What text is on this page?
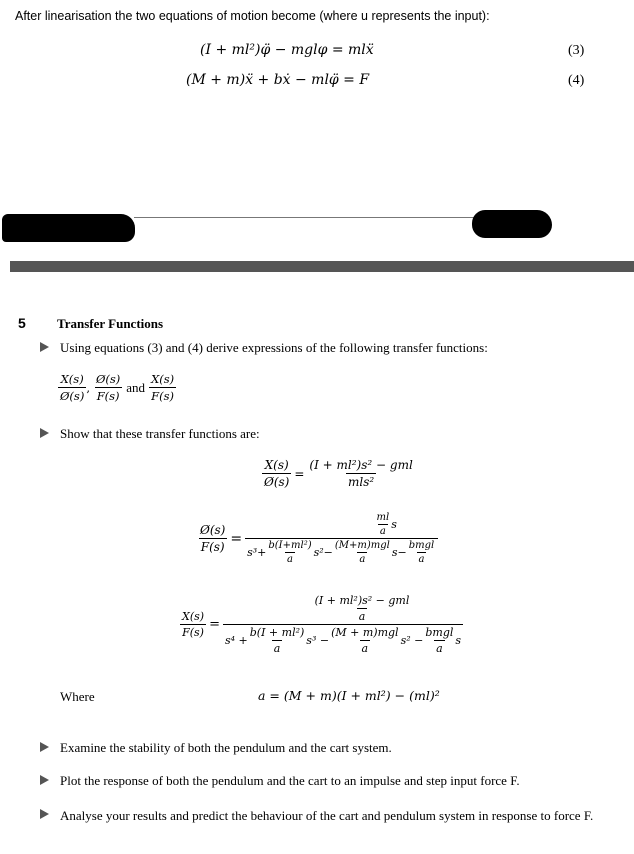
After linearisation the two equations of motion become (where u represents the input):
(I + ml²)φ̈ − mglφ = mlẍ	(3)
(M + m)ẍ + bẋ − mlφ̈ = F	(4)
5 Transfer Functions
Using equations (3) and (4) derive expressions of the following transfer functions:
$\frac{X(s)}{Ø(s)}$ , $\frac{Ø(s)}{F(s)}$ and $\frac{X(s)}{F(s)}$
Show that these transfer functions are:
$\frac{X(s)}{Ø(s)} = \frac{\text{(I + ml²)s² − gml}}{\text{mls²}}$
$\frac{Ø(s)}{F(s)}$ =
$\frac{ml}{a}$ s
$s^3+ \frac{\text{b(I+ml²)}}{a} s^2- \frac{\text{(M+m)mgl}}{a} s- \frac{\text{bmgl}}{a}$
$\frac{X(s)}{F(s)}$ =
$\frac{\text{(I + ml²)s² − gml}}{a}$
$s^4 + \frac{\text{b(I + ml²)}}{a} s^3 - \frac{\text{(M + m)mgl}}{a} s^2 - \frac{\text{bmgl}}{a}$ s
Where	a = (M + m)(I + ml²) − (ml)²
Examine the stability of both the pendulum and the cart system.
Plot the response of both the pendulum and the cart to an impulse and step input force F.
Analyse your results and predict the behaviour of the cart and pendulum system in response to force F.
